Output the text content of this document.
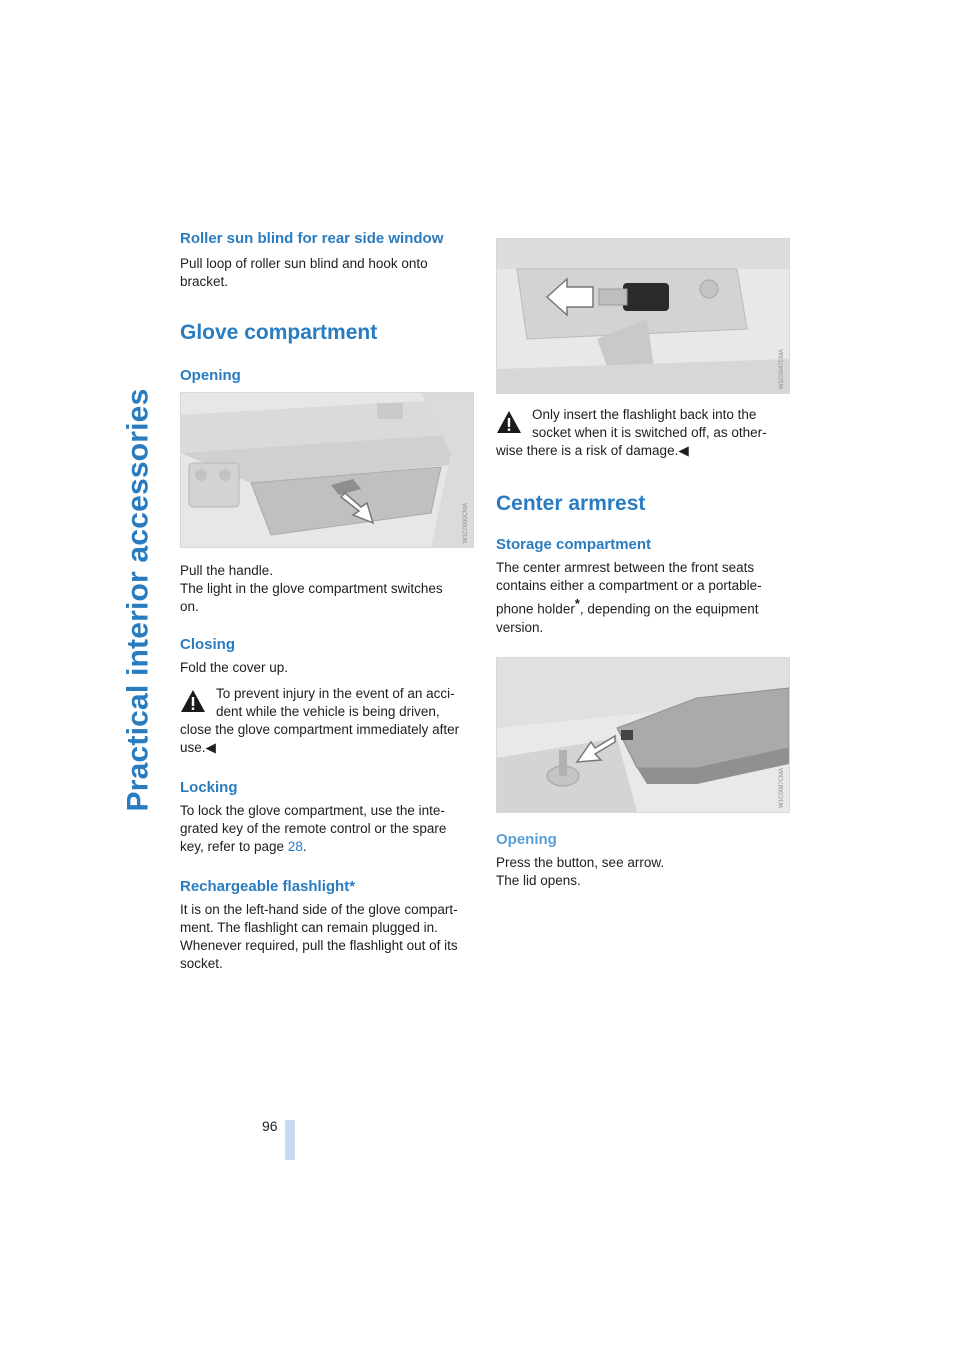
Practical interior accessories
96
Roller sun blind for rear side window

Pull loop of roller sun blind and hook onto
bracket.

Glove compartment
Opening
W1C0090CMA

Pull the handle.
The light in the glove compartment switches
on.

Closing

Fold the cover up.

To prevent injury in the event of an acci-
dent while the vehicle is being driven,
close the glove compartment immediately after
use.◀

Locking

To lock the glove compartment, use the inte-
grated key of the remote control or the spare
key, refer to page 28.

Rechargeable flashlight*

It is on the left-hand side of the glove compart-
ment. The flashlight can remain plugged in.
Whenever required, pull the flashlight out of its
socket.

W1C0047CMA

Only insert the flashlight back into the
socket when it is switched off, as other-
wise there is a risk of damage.◀

Center armrest
Storage compartment

The center armrest between the front seats
contains either a compartment or a portable-
phone holder*, depending on the equipment
version.

W1C0087CMA
Opening

Press the button, see arrow.
The lid opens.
